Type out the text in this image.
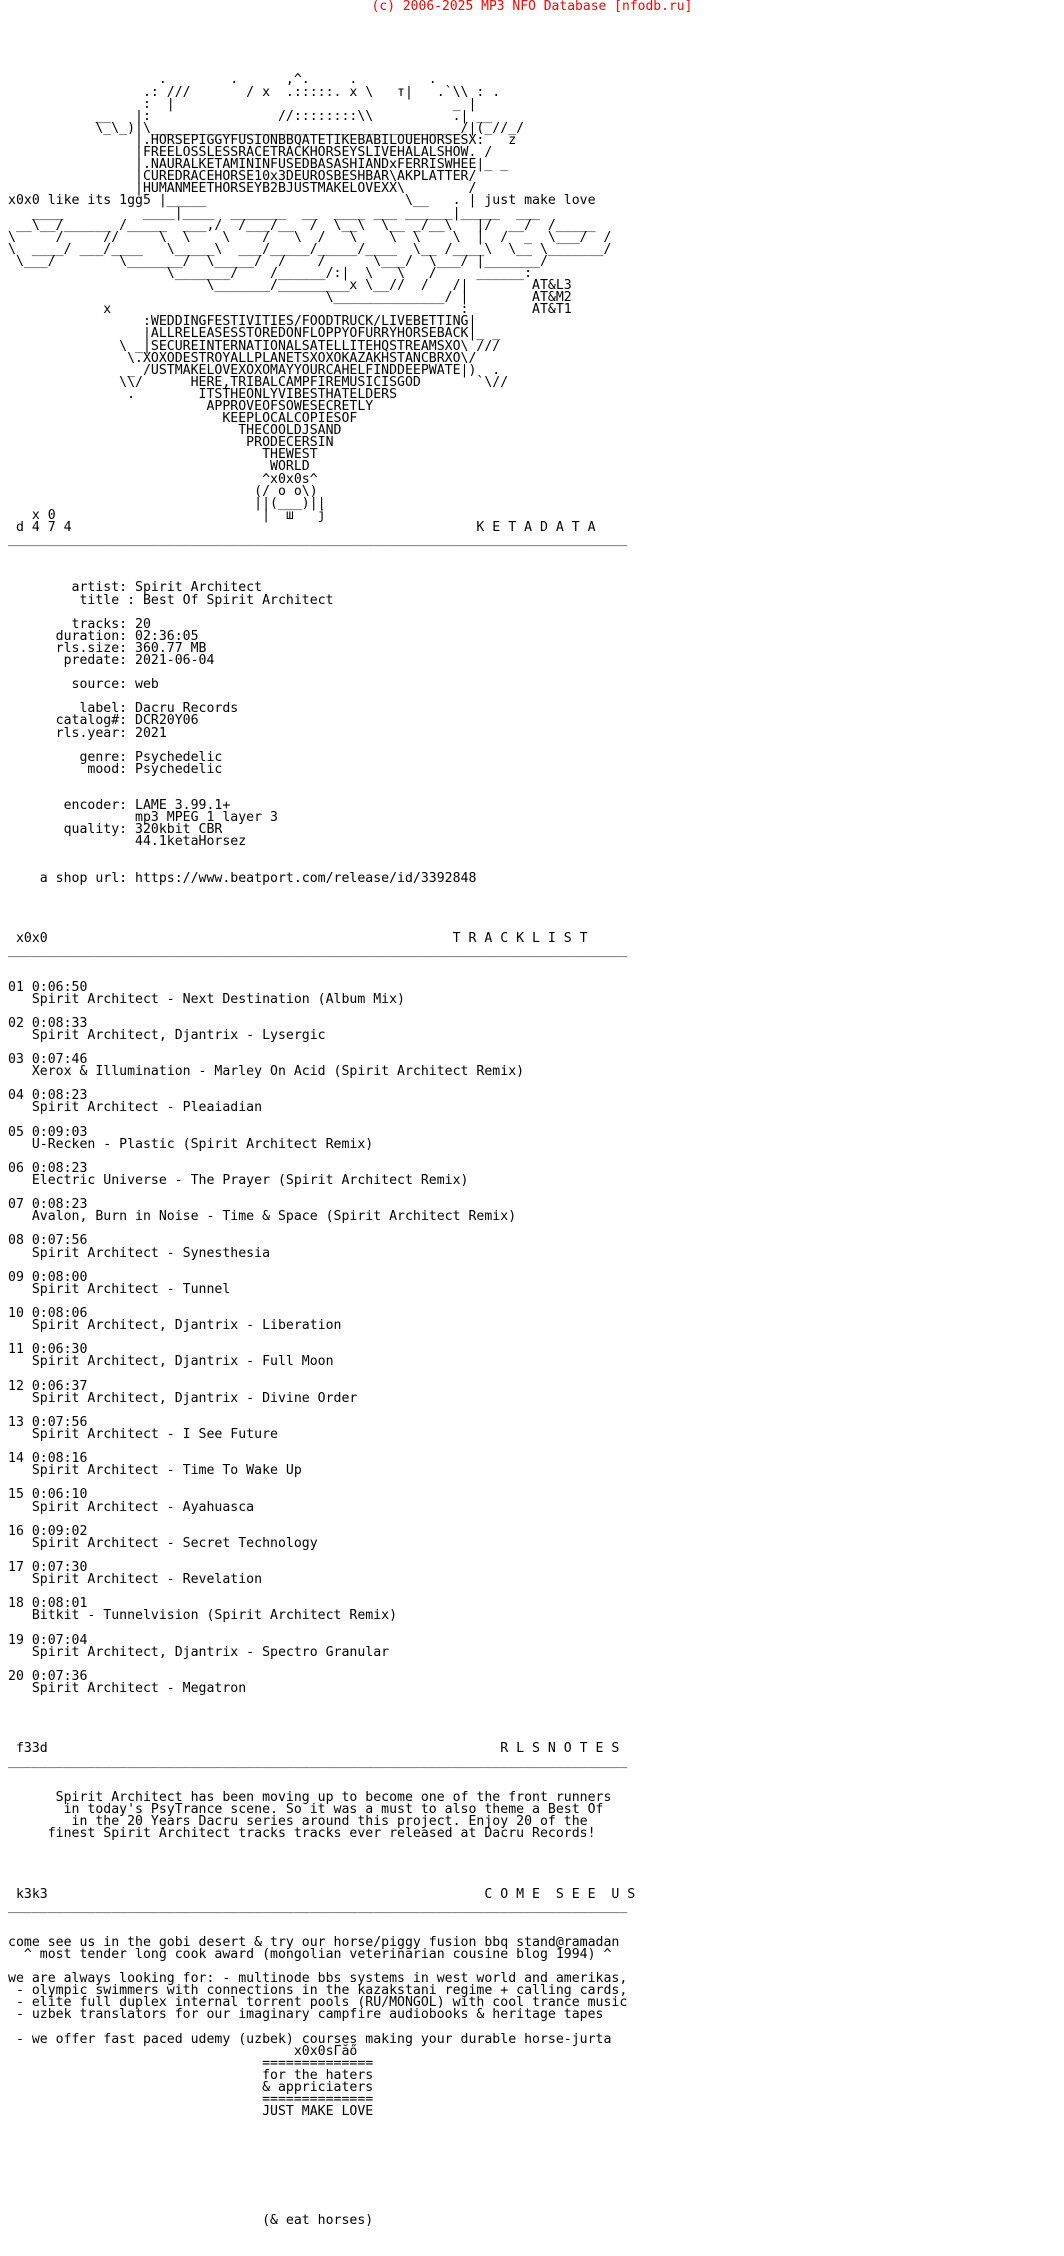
(c) 2006-2025 MP3 NFO Database [nfodb.ru]

.        .      ,^.     .         .
.: ///       / x  .:::::. x \   т|   .`\\ : .
:  |                                   _ |
__   |:                //::::::::\\          .| __
\_\_)|\_______________________________________/|(_//_/
|.HORSEPIGGYFUSIONBBQATETIKEBABILOUEHORSESX:   z
|FREELOSSLESSRACETRACKHORSEYSLIVEHALALSHOW. /
|.NAURALKETAMININFUSEDBASASHIANDxFERRISWHEE|_ _
|CUREDRACEHORSE10x3DEUROSBESHBAR\AKPLATTER/
|HUMANMEETHORSEYB2BJUSTMAKELOVEXX\        /
x0x0 like its 1gg5 |_____                         \__   . | just make love
____          ____|____  _______  __  ____ ___ ______|_____  ___
__\__/______ /_____  ___,/  /___/__  /  \__\  \__ _/__\   |/  __/  /_____
\     /     //     \  \    \    /   \  /   \    \  \    \  |  /  _  \___/  /
\  ____/ ___/____   \_____\  ___/_____/_____/____  \__ /____\  \__ \_______/
\___/        \_______/  \_____/  /    /      \___/  \___/ |_______/
\_______/    /______/:|  \   \   /     ______:
\_______/_________x \__//  /   /|        AT&L3
\______________/ |        AT&M2
x                                            :        AT&T1
:WEDDINGFESTIVITIES/FOODTRUCK/LIVEBETTING|
|ALLRELEASESSTOREDONFLOPPYOFURRYHORSEBACK|_ _
\ _|SECUREINTERNATIONALSATELLITEHQSTREAMSXO\ ///
\.XOXODESTROYALLPLANETSXOXOKAZAKHSTANCBRXO\/
_ /USTMAKELOVEXOXOMAYYOURCAHELFINDDEEPWATE|)  .
\\/      HERE,TRIBALCAMPFIREMUSICISGOD       `\//
.        ITSTHEONLYVIBESTHATELDERS
APPROVEOFSOWESECRETLY
KEEPLOCALCOPIESOF
THECOOLDJSAND
PRODECERSIN
THEWEST
WORLD
^x0x0s^
(/ o o\)
||(___)||
x 0                          |  ш   j
d 4 7 4                                                   K E T A D A T A
______________________________________________________________________________

artist: Spirit Architect
title : Best Of Spirit Architect

tracks: 20
duration: 02:36:05
rls.size: 360.77 MB
predate: 2021-06-04

source: web

label: Dacru Records
catalog#: DCR20Y06
rls.year: 2021

genre: Psychedelic
mood: Psychedelic

encoder: LAME 3.99.1+
mp3 MPEG 1 layer 3
quality: 320kbit CBR
44.1ketaHorsez

a shop url: https://www.beatport.com/release/id/3392848

x0x0                                                   T R A C K L I S T
______________________________________________________________________________

01 0:06:50
Spirit Architect - Next Destination (Album Mix)

02 0:08:33
Spirit Architect, Djantrix - Lysergic

03 0:07:46
Xerox & Illumination - Marley On Acid (Spirit Architect Remix)

04 0:08:23
Spirit Architect - Pleaiadian

05 0:09:03
U-Recken - Plastic (Spirit Architect Remix)

06 0:08:23
Electric Universe - The Prayer (Spirit Architect Remix)

07 0:08:23
Avalon, Burn in Noise - Time & Space (Spirit Architect Remix)

08 0:07:56
Spirit Architect - Synesthesia

09 0:08:00
Spirit Architect - Tunnel

10 0:08:06
Spirit Architect, Djantrix - Liberation

11 0:06:30
Spirit Architect, Djantrix - Full Moon

12 0:06:37
Spirit Architect, Djantrix - Divine Order

13 0:07:56
Spirit Architect - I See Future

14 0:08:16
Spirit Architect - Time To Wake Up

15 0:06:10
Spirit Architect - Ayahuasca

16 0:09:02
Spirit Architect - Secret Technology

17 0:07:30
Spirit Architect - Revelation

18 0:08:01
Bitkit - Tunnelvision (Spirit Architect Remix)

19 0:07:04
Spirit Architect, Djantrix - Spectro Granular

20 0:07:36
Spirit Architect - Megatron

f33d                                                         R L S N O T E S
______________________________________________________________________________

Spirit Architect has been moving up to become one of the front runners
in today's PsyTrance scene. So it was a must to also theme a Best Of
in the 20 Years Dacru series around this project. Enjoy 20 of the
finest Spirit Architect tracks tracks ever released at Dacru Records!

k3k3                                                       C O M E  S E E  U S
______________________________________________________________________________

come see us in the gobi desert & try our horse/piggy fusion bbq stand@ramadan
^ most tender long cook award (mongolian veterinarian cousine blog 1994) ^

we are always looking for: - multinode bbs systems in west world and amerikas,
- olympic swimmers with connections in the kazakstani regime + calling cards,
- elite full duplex internal torrent pools (RU/MONGOL) with cool trance music
- uzbek translators for our imaginary campfire audiobooks & heritage tapes

- we offer fast paced udemy (uzbek) courses making your durable horse-jurta
x0x0sГăő
==============
for the haters
& appriciaters
==============
JUST MAKE LOVE

(& eat horses)
